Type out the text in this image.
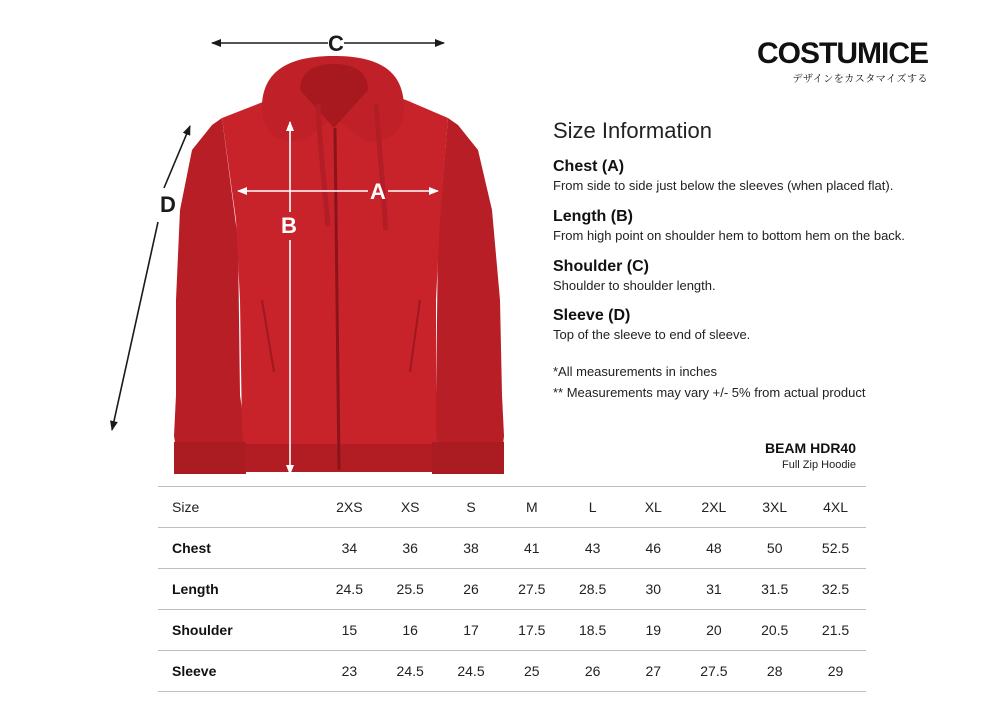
C
D
A
B
COSTUMICE
デザインをカスタマイズする
Size Information
Chest (A)
From side to side just below the sleeves (when placed flat).
Length (B)
From high point on shoulder hem to bottom hem on the back.
Shoulder (C)
Shoulder to shoulder length.
Sleeve (D)
Top of the sleeve to end of sleeve.
*All measurements in inches
** Measurements may vary +/- 5% from actual product
BEAM HDR40
Full Zip Hoodie
Size	2XS	XS	S	M	L	XL	2XL	3XL	4XL
Chest	34	36	38	41	43	46	48	50	52.5
Length	24.5	25.5	26	27.5	28.5	30	31	31.5	32.5
Shoulder	15	16	17	17.5	18.5	19	20	20.5	21.5
Sleeve	23	24.5	24.5	25	26	27	27.5	28	29
